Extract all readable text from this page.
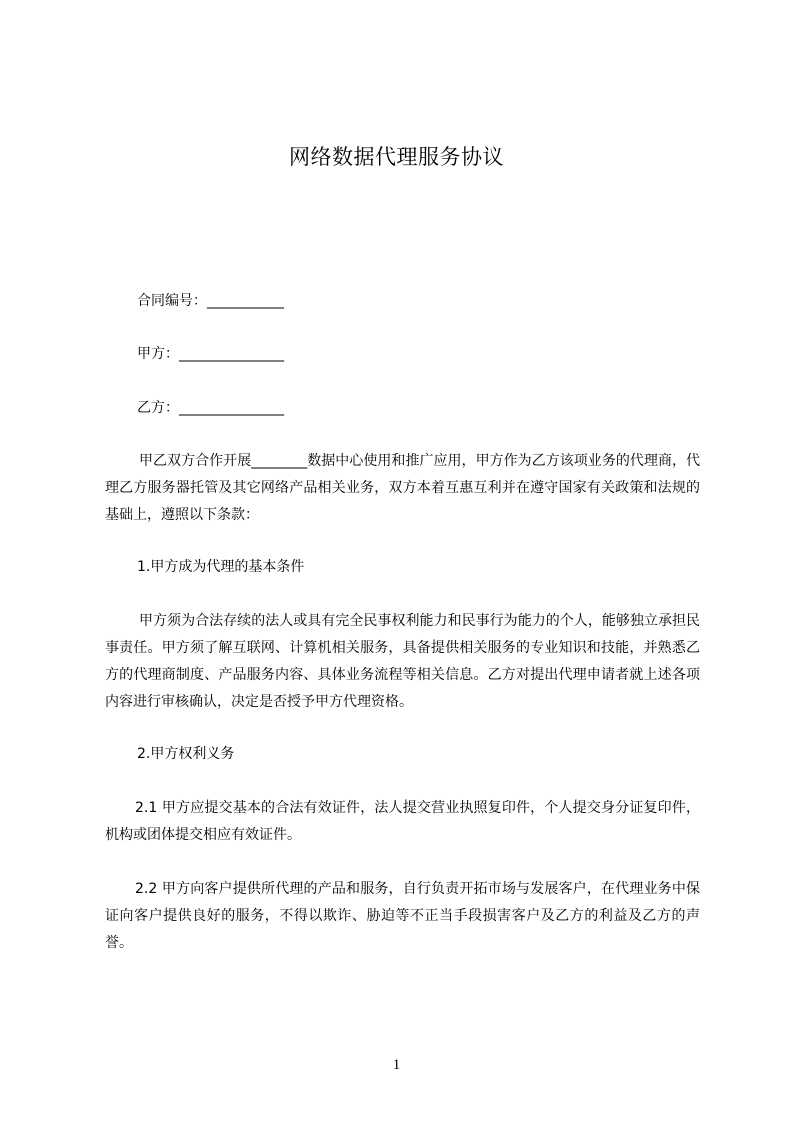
网络数据代理服务协议
合同编号：___________
甲方：_______________
乙方：_______________
甲乙双方合作开展________数据中心使用和推广应用，甲方作为乙方该项业务的代理商，代理乙方服务器托管及其它网络产品相关业务，双方本着互惠互利并在遵守国家有关政策和法规的基础上，遵照以下条款：
1.甲方成为代理的基本条件
甲方须为合法存续的法人或具有完全民事权利能力和民事行为能力的个人，能够独立承担民事责任。甲方须了解互联网、计算机相关服务，具备提供相关服务的专业知识和技能，并熟悉乙方的代理商制度、产品服务内容、具体业务流程等相关信息。乙方对提出代理申请者就上述各项内容进行审核确认，决定是否授予甲方代理资格。
2.甲方权利义务
2.1 甲方应提交基本的合法有效证件，法人提交营业执照复印件，个人提交身分证复印件，机构或团体提交相应有效证件。
2.2 甲方向客户提供所代理的产品和服务，自行负责开拓市场与发展客户，在代理业务中保证向客户提供良好的服务，不得以欺诈、胁迫等不正当手段损害客户及乙方的利益及乙方的声誉。
1
